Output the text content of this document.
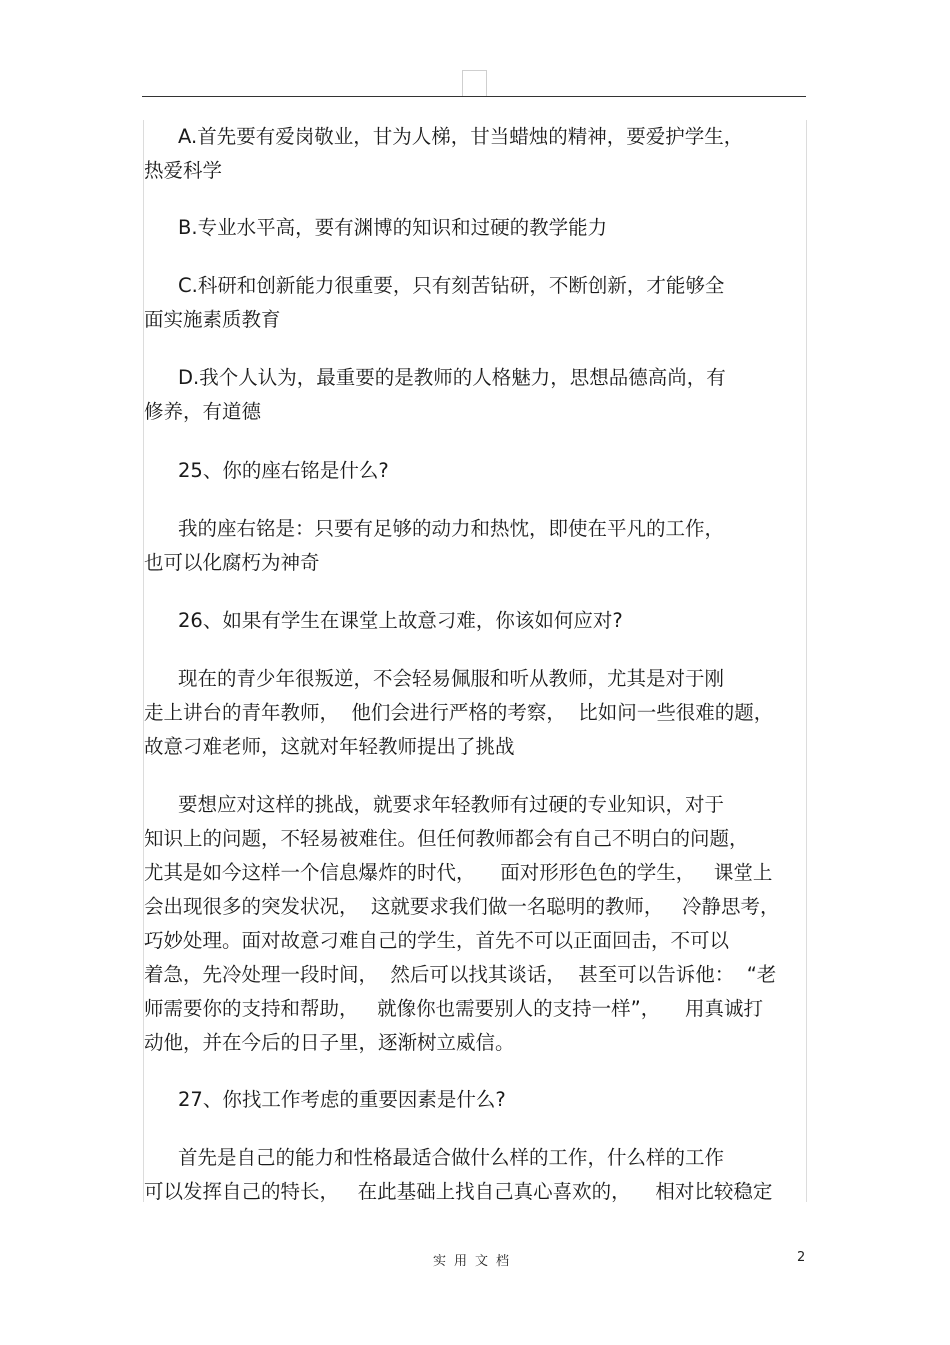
A.首先要有爱岗敬业，甘为人梯，甘当蜡烛的精神，要爱护学生，
热爱科学

B.专业水平高，要有渊博的知识和过硬的教学能力

C.科研和创新能力很重要，只有刻苦钻研，不断创新，才能够全
面实施素质教育

D.我个人认为，最重要的是教师的人格魅力，思想品德高尚，有
修养，有道德

25、你的座右铭是什么?

我的座右铭是：只要有足够的动力和热忱，即使在平凡的工作，
也可以化腐朽为神奇

26、如果有学生在课堂上故意刁难，你该如何应对?

现在的青少年很叛逆，不会轻易佩服和听从教师，尤其是对于刚
走上讲台的青年教师，  他们会进行严格的考察，  比如问一些很难的题，
故意刁难老师，这就对年轻教师提出了挑战

要想应对这样的挑战，就要求年轻教师有过硬的专业知识，对于
知识上的问题，不轻易被难住。但任何教师都会有自己不明白的问题，
尤其是如今这样一个信息爆炸的时代，    面对形形色色的学生，   课堂上
会出现很多的突发状况，  这就要求我们做一名聪明的教师，   冷静思考，
巧妙处理。面对故意刁难自己的学生，首先不可以正面回击，不可以
着急，先冷处理一段时间，  然后可以找其谈话，  甚至可以告诉他：  “老
师需要你的支持和帮助，   就像你也需要别人的支持一样”，    用真诚打
动他，并在今后的日子里，逐渐树立威信。

27、你找工作考虑的重要因素是什么?

首先是自己的能力和性格最适合做什么样的工作，什么样的工作
可以发挥自己的特长，   在此基础上找自己真心喜欢的，    相对比较稳定

实用文档	2
